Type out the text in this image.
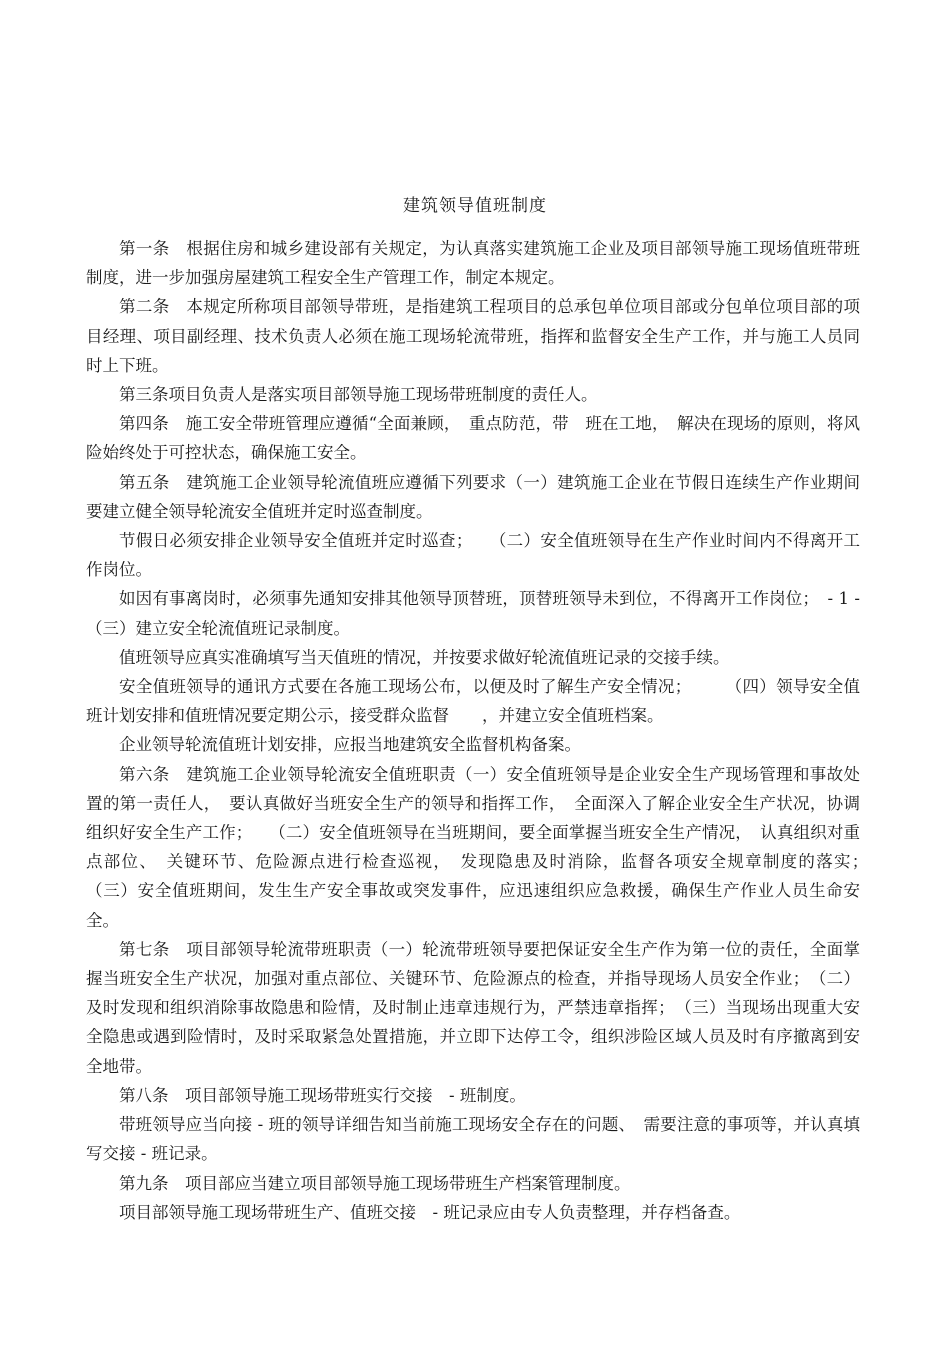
建筑领导值班制度

第一条　根据住房和城乡建设部有关规定，为认真落实建筑施工企业及项目部领导施工现场值班带班制度，进一步加强房屋建筑工程安全生产管理工作，制定本规定。

第二条　本规定所称项目部领导带班，是指建筑工程项目的总承包单位项目部或分包单位项目部的项目经理、项目副经理、技术负责人必须在施工现场轮流带班，指挥和监督安全生产工作，并与施工人员同时上下班。

第三条项目负责人是落实项目部领导施工现场带班制度的责任人。

第四条　施工安全带班管理应遵循“全面兼顾，　重点防范，带　班在工地，　解决在现场的原则，将风险始终处于可控状态，确保施工安全。

第五条　建筑施工企业领导轮流值班应遵循下列要求（一）建筑施工企业在节假日连续生产作业期间要建立健全领导轮流安全值班并定时巡查制度。

节假日必须安排企业领导安全值班并定时巡查；　　（二）安全值班领导在生产作业时间内不得离开工作岗位。

如因有事离岗时，必须事先通知安排其他领导顶替班，顶替班领导未到位，不得离开工作岗位；　- 1 -　（三）建立安全轮流值班记录制度。

值班领导应真实准确填写当天值班的情况，并按要求做好轮流值班记录的交接手续。

安全值班领导的通讯方式要在各施工现场公布，以便及时了解生产安全情况；　　　（四）领导安全值班计划安排和值班情况要定期公示，接受群众监督　　，并建立安全值班档案。

企业领导轮流值班计划安排，应报当地建筑安全监督机构备案。

第六条　建筑施工企业领导轮流安全值班职责（一）安全值班领导是企业安全生产现场管理和事故处置的第一责任人，　要认真做好当班安全生产的领导和指挥工作，　全面深入了解企业安全生产状况，协调组织好安全生产工作；　　（二）安全值班领导在当班期间，要全面掌握当班安全生产情况，　认真组织对重点部位、　关键环节、危险源点进行检查巡视，　发现隐患及时消除，监督各项安全规章制度的落实；　　（三）安全值班期间，发生生产安全事故或突发事件，应迅速组织应急救援，确保生产作业人员生命安全。

第七条　项目部领导轮流带班职责（一）轮流带班领导要把保证安全生产作为第一位的责任，全面掌握当班安全生产状况，加强对重点部位、关键环节、危险源点的检查，并指导现场人员安全作业；　（二）及时发现和组织消除事故隐患和险情，及时制止违章违规行为，严禁违章指挥；　（三）当现场出现重大安全隐患或遇到险情时，及时采取紧急处置措施，并立即下达停工令，组织涉险区域人员及时有序撤离到安全地带。

第八条　项目部领导施工现场带班实行交接　- 班制度。

带班领导应当向接 - 班的领导详细告知当前施工现场安全存在的问题、　需要注意的事项等，并认真填写交接 - 班记录。

第九条　项目部应当建立项目部领导施工现场带班生产档案管理制度。

项目部领导施工现场带班生产、值班交接　- 班记录应由专人负责整理，并存档备查。
